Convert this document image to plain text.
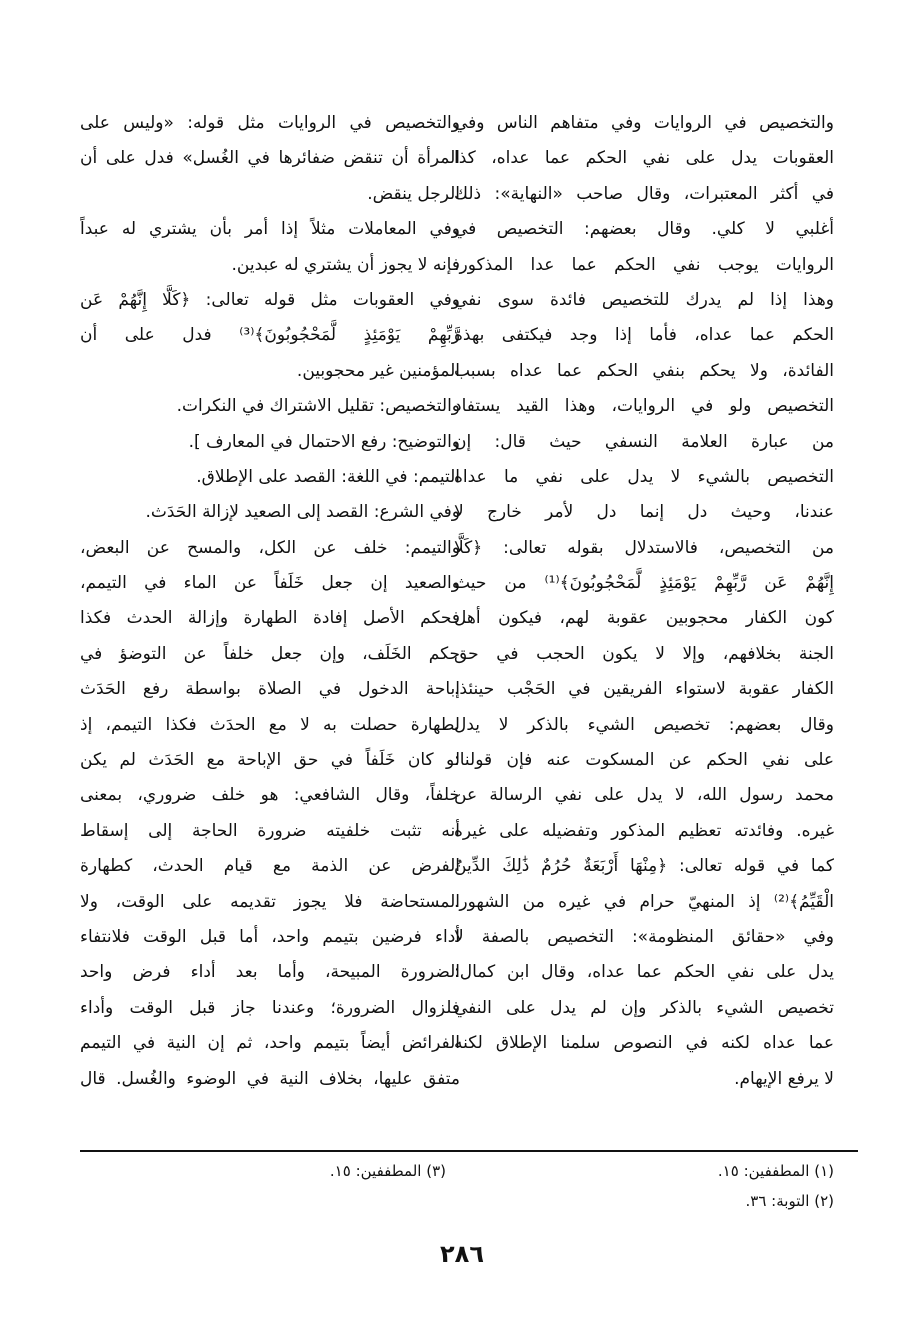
والتخصيص في الروايات وفي متفاهم الناس وفي
العقوبات يدل على نفي الحكم عما عداه، كذا
في أكثر المعتبرات، وقال صاحب «النهاية»: ذلك
أغلبي لا كلي. وقال بعضهم: التخصيص في
الروايات يوجب نفي الحكم عما عدا المذكور،
وهذا إذا لم يدرك للتخصيص فائدة سوى نفي
الحكم عما عداه، فأما إذا وجد فيكتفى بهذه
الفائدة، ولا يحكم بنفي الحكم عما عداه بسبب
التخصيص ولو في الروايات، وهذا القيد يستفاد
من عبارة العلامة النسفي حيث قال: إن
التخصيص بالشيء لا يدل على نفي ما عداه
عندنا، وحيث دل إنما دل لأمر خارج لا
من التخصيص، فالاستدلال بقوله تعالى: ﴿كَلَّا
إِنَّهُمْ عَن رَّبِّهِمْ يَوْمَئِذٍ لَّمَحْجُوبُونَ﴾⁽¹⁾ من حيث
كون الكفار محجوبين عقوبة لهم، فيكون أهل
الجنة بخلافهم، وإلا لا يكون الحجب في حق
الكفار عقوبة لاستواء الفريقين في الحَجْب حينئذ.
وقال بعضهم: تخصيص الشيء بالذكر لا يدل
على نفي الحكم عن المسكوت عنه فإن قولنا:
محمد رسول الله، لا يدل على نفي الرسالة عن
غيره. وفائدته تعظيم المذكور وتفضيله على غيره
كما في قوله تعالى: ﴿مِنْهَا أَرْبَعَةٌ حُرُمٌ ذَٰلِكَ الدِّينُ
الْقَيِّمُ﴾⁽²⁾ إذ المنهيّ حرام في غيره من الشهور.
وفي «حقائق المنظومة»: التخصيص بالصفة لا
يدل على نفي الحكم عما عداه، وقال ابن كمال:
تخصيص الشيء بالذكر وإن لم يدل على النفي
عما عداه لكنه في النصوص سلمنا الإطلاق لكنه
لا يرفع الإيهام.
والتخصيص في الروايات مثل قوله: «وليس على
المرأة أن تنقض ضفائرها في الغُسل» فدل على أن
الرجل ينقض.
وفي المعاملات مثلاً إذا أمر بأن يشتري له عبداً
فإنه لا يجوز أن يشتري له عبدين.
وفي العقوبات مثل قوله تعالى: ﴿كَلَّا إِنَّهُمْ عَن
رَّبِّهِمْ يَوْمَئِذٍ لَّمَحْجُوبُونَ﴾⁽³⁾ فدل على أن
المؤمنين غير محجوبين.
والتخصيص: تقليل الاشتراك في النكرات.
والتوضيح: رفع الاحتمال في المعارف ].
التيمم: في اللغة: القصد على الإطلاق.
وفي الشرع: القصد إلى الصعيد لإزالة الحَدَث.
والتيمم: خلف عن الكل، والمسح عن البعض،
والصعيد إن جعل خَلَفاً عن الماء في التيمم،
فحكم الأصل إفادة الطهارة وإزالة الحدث فكذا
حكم الخَلَف، وإن جعل خلفاً عن التوضؤ في
إباحة الدخول في الصلاة بواسطة رفع الحَدَث
لطهارة حصلت به لا مع الحدَث فكذا التيمم، إذ
لو كان خَلَفاً في حق الإباحة مع الحَدَث لم يكن
خلفاً، وقال الشافعي: هو خلف ضروري، بمعنى
أنه تثبت خلفيته ضرورة الحاجة إلى إسقاط
الفرض عن الذمة مع قيام الحدث، كطهارة
المستحاضة فلا يجوز تقديمه على الوقت، ولا
أداء فرضين بتيمم واحد، أما قبل الوقت فلانتفاء
الضرورة المبيحة، وأما بعد أداء فرض واحد
فلزوال الضرورة؛ وعندنا جاز قبل الوقت وأداء
الفرائض أيضاً بتيمم واحد، ثم إن النية في التيمم
متفق عليها، بخلاف النية في الوضوء والغُسل. قال
(١) المطففين: ١٥.
(٢) التوبة: ٣٦.
(٣) المطففين: ١٥.
٢٨٦
